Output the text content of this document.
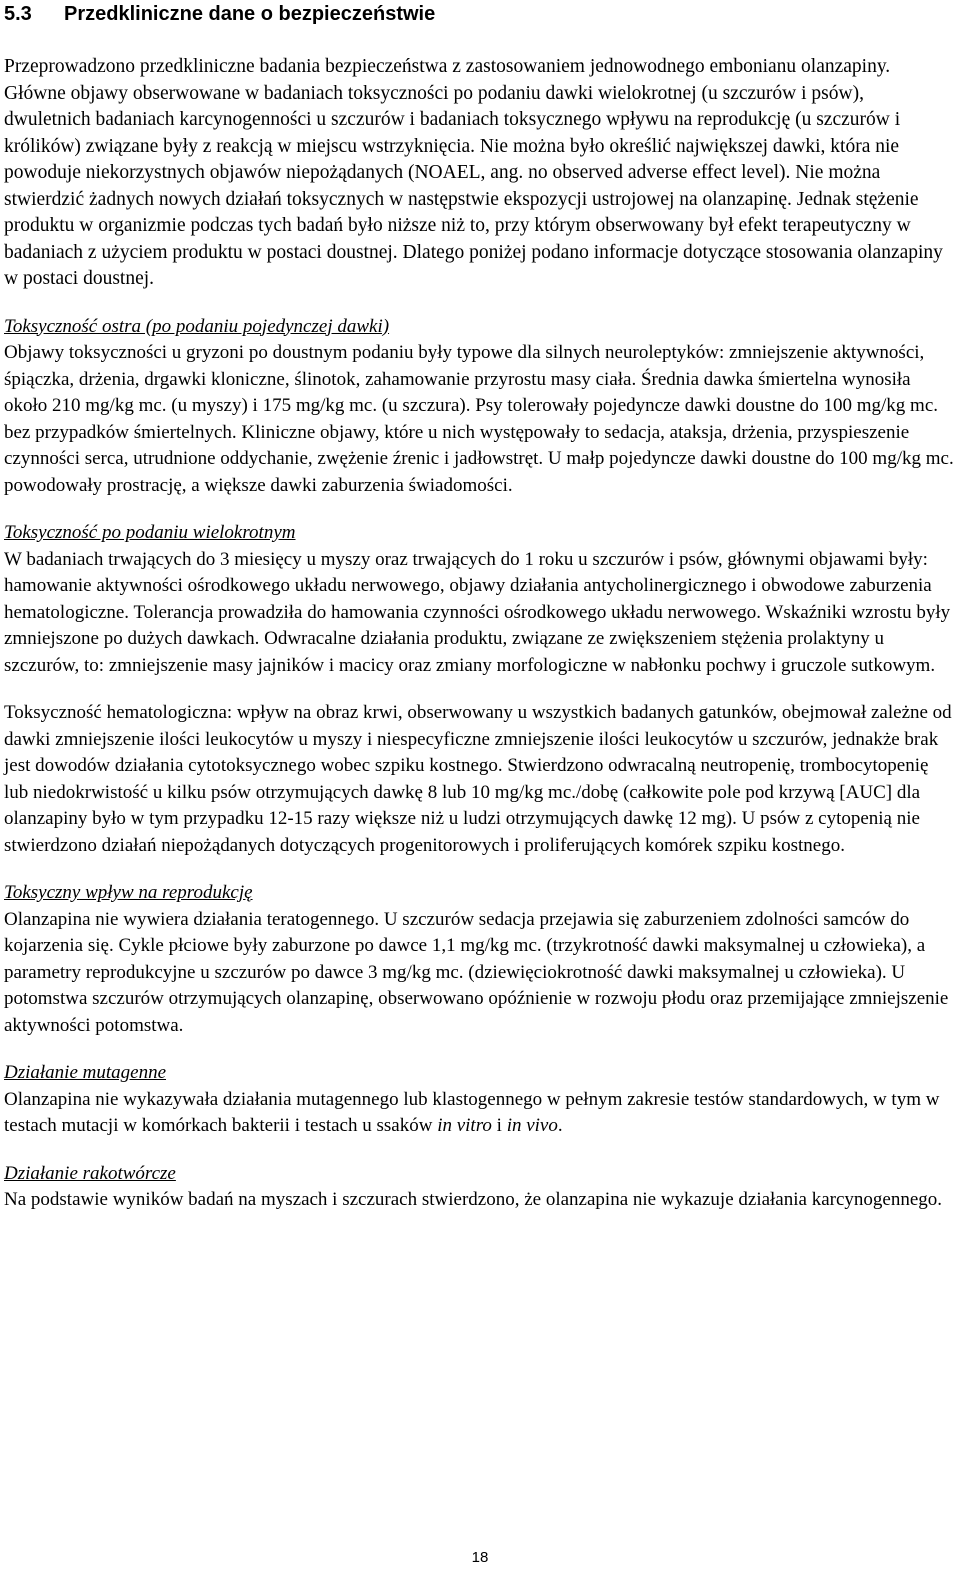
5.3	Przedkliniczne dane o bezpieczeństwie

Przeprowadzono przedkliniczne badania bezpieczeństwa z zastosowaniem jednowodnego embonianu olanzapiny. Główne objawy obserwowane w badaniach toksyczności po podaniu dawki wielokrotnej (u szczurów i psów), dwuletnich badaniach karcynogenności u szczurów i badaniach toksycznego wpływu na reprodukcję (u szczurów i królików) związane były z reakcją w miejscu wstrzyknięcia. Nie można było określić największej dawki, która nie powoduje niekorzystnych objawów niepożądanych (NOAEL, ang. no observed adverse effect level). Nie można stwierdzić żadnych nowych działań toksycznych w następstwie ekspozycji ustrojowej na olanzapinę. Jednak stężenie produktu w organizmie podczas tych badań było niższe niż to, przy którym obserwowany był efekt terapeutyczny w badaniach z użyciem produktu w postaci doustnej. Dlatego poniżej podano informacje dotyczące stosowania olanzapiny w postaci doustnej.

Toksyczność ostra (po podaniu pojedynczej dawki)

Objawy toksyczności u gryzoni po doustnym podaniu były typowe dla silnych neuroleptyków: zmniejszenie aktywności, śpiączka, drżenia, drgawki kloniczne, ślinotok, zahamowanie przyrostu masy ciała. Średnia dawka śmiertelna wynosiła około 210 mg/kg mc. (u myszy) i 175 mg/kg mc. (u szczura). Psy tolerowały pojedyncze dawki doustne do 100 mg/kg mc. bez przypadków śmiertelnych. Kliniczne objawy, które u nich występowały to sedacja, ataksja, drżenia, przyspieszenie czynności serca, utrudnione oddychanie, zwężenie źrenic i jadłowstręt. U małp pojedyncze dawki doustne do 100 mg/kg mc. powodowały prostrację, a większe dawki zaburzenia świadomości.

Toksyczność po podaniu wielokrotnym

W badaniach trwających do 3 miesięcy u myszy oraz trwających do 1 roku u szczurów i psów, głównymi objawami były: hamowanie aktywności ośrodkowego układu nerwowego, objawy działania antycholinergicznego i obwodowe zaburzenia hematologiczne. Tolerancja prowadziła do hamowania czynności ośrodkowego układu nerwowego. Wskaźniki wzrostu były zmniejszone po dużych dawkach. Odwracalne działania produktu, związane ze zwiększeniem stężenia prolaktyny u szczurów, to: zmniejszenie masy jajników i macicy oraz zmiany morfologiczne w nabłonku pochwy i gruczole sutkowym.

Toksyczność hematologiczna: wpływ na obraz krwi, obserwowany u wszystkich badanych gatunków, obejmował zależne od dawki zmniejszenie ilości leukocytów u myszy i niespecyficzne zmniejszenie ilości leukocytów u szczurów, jednakże brak jest dowodów działania cytotoksycznego wobec szpiku kostnego. Stwierdzono odwracalną neutropenię, trombocytopenię lub niedokrwistość u kilku psów otrzymujących dawkę 8 lub 10 mg/kg mc./dobę (całkowite pole pod krzywą [AUC] dla olanzapiny było w tym przypadku 12-15 razy większe niż u ludzi otrzymujących dawkę 12 mg). U psów z cytopenią nie stwierdzono działań niepożądanych dotyczących progenitorowych i proliferujących komórek szpiku kostnego.

Toksyczny wpływ na reprodukcję

Olanzapina nie wywiera działania teratogennego. U szczurów sedacja przejawia się zaburzeniem zdolności samców do kojarzenia się. Cykle płciowe były zaburzone po dawce 1,1 mg/kg mc. (trzykrotność dawki maksymalnej u człowieka), a parametry reprodukcyjne u szczurów po dawce 3 mg/kg mc. (dziewięciokrotność dawki maksymalnej u człowieka). U potomstwa szczurów otrzymujących olanzapinę, obserwowano opóźnienie w rozwoju płodu oraz przemijające zmniejszenie aktywności potomstwa.

Działanie mutagenne

Olanzapina nie wykazywała działania mutagennego lub klastogennego w pełnym zakresie testów standardowych, w tym w testach mutacji w komórkach bakterii i testach u ssaków in vitro i in vivo.

Działanie rakotwórcze

Na podstawie wyników badań na myszach i szczurach stwierdzono, że olanzapina nie wykazuje działania karcynogennego.

18
